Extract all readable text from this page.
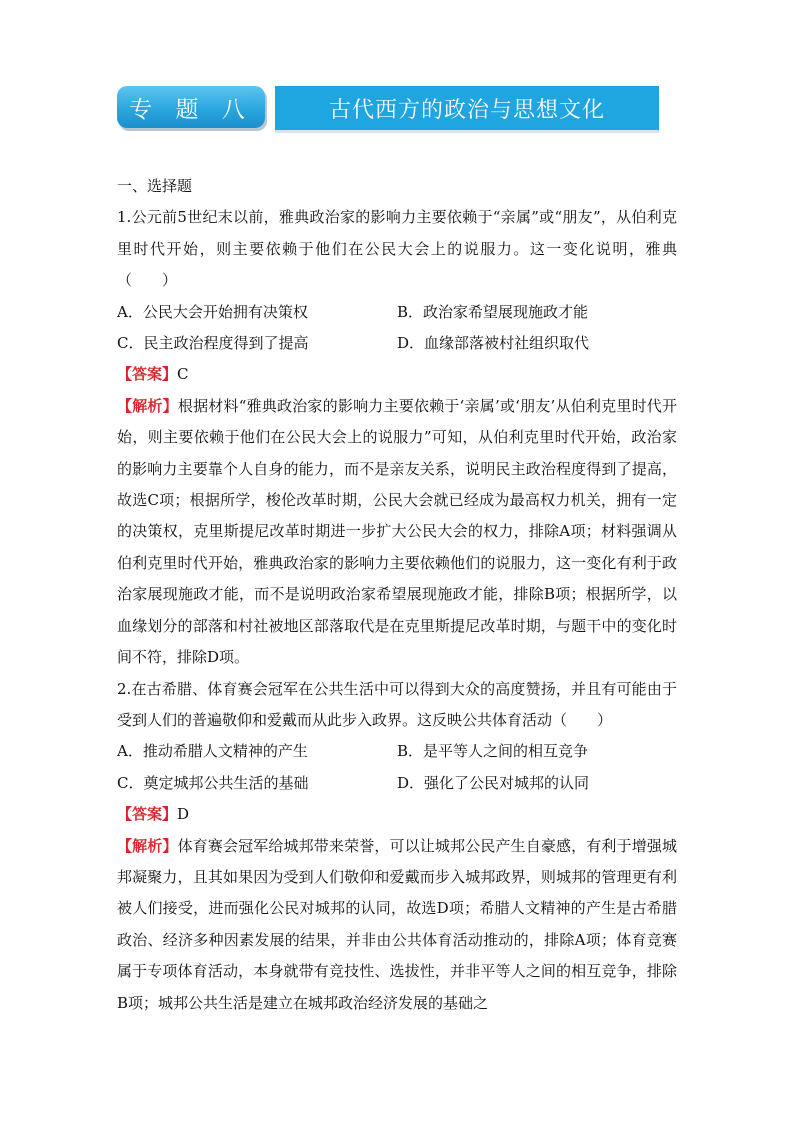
专 题 八	古代西方的政治与思想文化

一、选择题

1.公元前5世纪末以前，雅典政治家的影响力主要依赖于“亲属”或“朋友”，从伯利克里时代开始，则主要依赖于他们在公民大会上的说服力。这一变化说明，雅典（　　）

A．公民大会开始拥有决策权	B．政治家希望展现施政才能
C．民主政治程度得到了提高	D．血缘部落被村社组织取代

【答案】C

【解析】根据材料“雅典政治家的影响力主要依赖于‘亲属’或‘朋友’从伯利克里时代开始，则主要依赖于他们在公民大会上的说服力”可知，从伯利克里时代开始，政治家的影响力主要靠个人自身的能力，而不是亲友关系，说明民主政治程度得到了提高，故选C项；根据所学，梭伦改革时期，公民大会就已经成为最高权力机关，拥有一定的决策权，克里斯提尼改革时期进一步扩大公民大会的权力，排除A项；材料强调从伯利克里时代开始，雅典政治家的影响力主要依赖他们的说服力，这一变化有利于政治家展现施政才能，而不是说明政治家希望展现施政才能，排除B项；根据所学，以血缘划分的部落和村社被地区部落取代是在克里斯提尼改革时期，与题干中的变化时间不符，排除D项。

2.在古希腊、体育赛会冠军在公共生活中可以得到大众的高度赞扬，并且有可能由于受到人们的普遍敬仰和爱戴而从此步入政界。这反映公共体育活动（　　）

A．推动希腊人文精神的产生	B．是平等人之间的相互竞争
C．奠定城邦公共生活的基础	D．强化了公民对城邦的认同

【答案】D

【解析】体育赛会冠军给城邦带来荣誉，可以让城邦公民产生自豪感，有利于增强城邦凝聚力，且其如果因为受到人们敬仰和爱戴而步入城邦政界，则城邦的管理更有利被人们接受，进而强化公民对城邦的认同，故选D项；希腊人文精神的产生是古希腊政治、经济多种因素发展的结果，并非由公共体育活动推动的，排除A项；体育竞赛属于专项体育活动，本身就带有竞技性、选拔性，并非平等人之间的相互竞争，排除B项；城邦公共生活是建立在城邦政治经济发展的基础之
